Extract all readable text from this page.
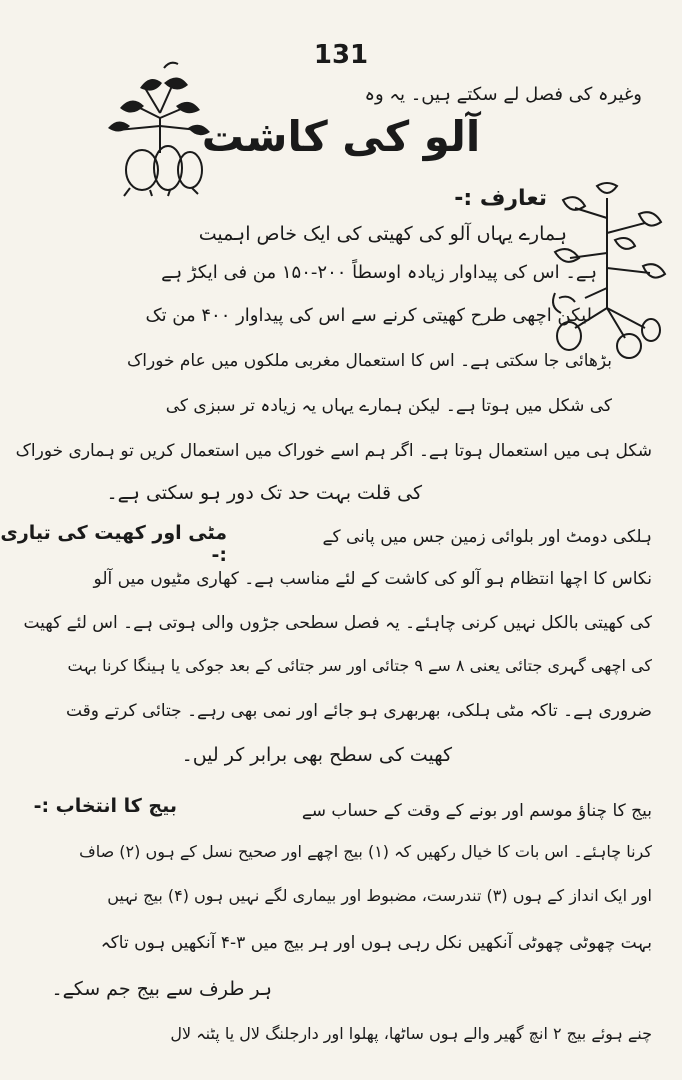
131
وغیرہ کی فصل لے سکتے ہیں۔ یہ وہ
آلو کی کاشت
تعارف :-
ہمارے یہاں آلو کی کھیتی کی ایک خاص اہمیت
ہے۔ اس کی پیداوار زیادہ اوسطاً ۲۰۰-۱۵۰ من فی ایکڑ ہے
لیکن اچھی طرح کھیتی کرنے سے اس کی پیداوار ۴۰۰ من تک
بڑھائی جا سکتی ہے۔ اس کا استعمال مغربی ملکوں میں عام خوراک
کی شکل میں ہوتا ہے۔ لیکن ہمارے یہاں یہ زیادہ تر سبزی کی
شکل ہی میں استعمال ہوتا ہے۔ اگر ہم اسے خوراک میں استعمال کریں تو ہماری خوراک
کی قلت بہت حد تک دور ہو سکتی ہے۔
مٹی اور کھیت کی تیاری :-
ہلکی دومٹ اور بلوائی زمین جس میں پانی کے
نکاس کا اچھا انتظام ہو آلو کی کاشت کے لئے مناسب ہے۔ کھاری مٹیوں میں آلو
کی کھیتی بالکل نہیں کرنی چاہئے۔ یہ فصل سطحی جڑوں والی ہوتی ہے۔ اس لئے کھیت
کی اچھی گہری جتائی یعنی ۸ سے ۹ جتائی اور سر جتائی کے بعد جوکی یا ہینگا کرنا بہت
ضروری ہے۔ تاکہ مٹی ہلکی، بھربھری ہو جائے اور نمی بھی رہے۔ جتائی کرتے وقت
کھیت کی سطح بھی برابر کر لیں۔
بیج کا انتخاب :-	بیج کا چناؤ موسم اور بونے کے وقت کے حساب سے
کرنا چاہئے۔ اس بات کا خیال رکھیں کہ (۱) بیج اچھے اور صحیح نسل کے ہوں (۲) صاف
اور ایک انداز کے ہوں (۳) تندرست، مضبوط اور بیماری لگے نہیں ہوں (۴) بیج نہیں
بہت چھوٹی چھوٹی آنکھیں نکل رہی ہوں اور ہر بیج میں ۳-۴ آنکھیں ہوں تاکہ
ہر طرف سے بیج جم سکے۔
چنے ہوئے بیج ۲ انچ گھیر والے ہوں ساٹھا، پھلوا اور دارجلنگ لال یا پٹنہ لال
